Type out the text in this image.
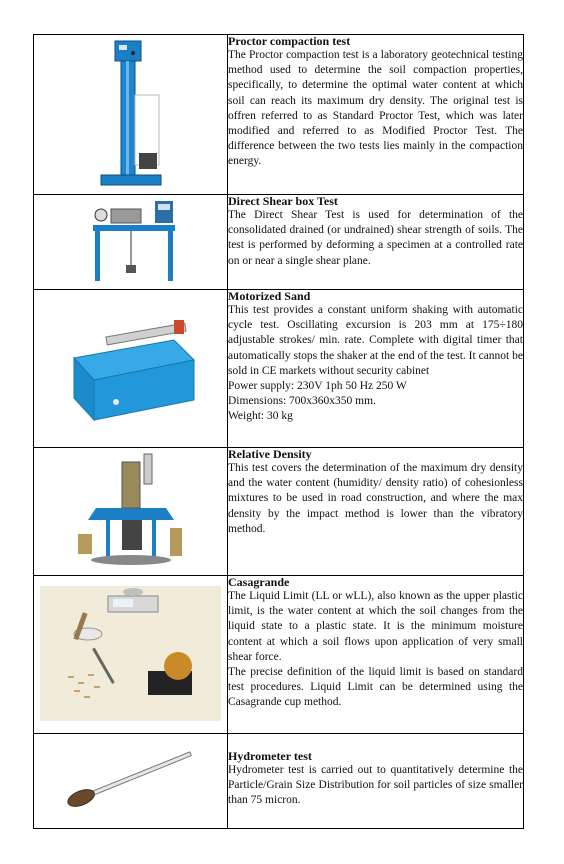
Proctor compaction test
The Proctor compaction test is a laboratory geotechnical testing method used to determine the soil compaction properties, specifically, to determine the optimal water content at which soil can reach its maximum dry density. The original test is offren referred to as Standard Proctor Test, which was later modified and referred to as Modified Proctor Test. The difference between the two tests lies mainly in the compaction energy.

Direct Shear box Test
The Direct Shear Test is used for determination of the consolidated drained (or undrained) shear strength of soils. The test is performed by deforming a specimen at a controlled rate on or near a single shear plane.

Motorized Sand
This test provides a constant uniform shaking with automatic cycle test. Oscillating excursion is 203 mm at 175÷180 adjustable strokes/ min. rate. Complete with digital timer that automatically stops the shaker at the end of the test. It cannot be sold in CE markets without security cabinet
Power supply: 230V 1ph 50 Hz 250 W
Dimensions: 700x360x350 mm.
Weight: 30 kg

Relative Density
This test covers the determination of the maximum dry density and the water content (humidity/ density ratio) of cohesionless mixtures to be used in road construction, and where the max density by the impact method is lower than the vibratory method.

Casagrande
The Liquid Limit (LL or wLL), also known as the upper plastic limit, is the water content at which the soil changes from the liquid state to a plastic state. It is the minimum moisture content at which a soil flows upon application of very small shear force.
The precise definition of the liquid limit is based on standard test procedures. Liquid Limit can be determined using the Casagrande cup method.

Hydrometer test
Hydrometer test is carried out to quantitatively determine the Particle/Grain Size Distribution for soil particles of size smaller than 75 micron.
